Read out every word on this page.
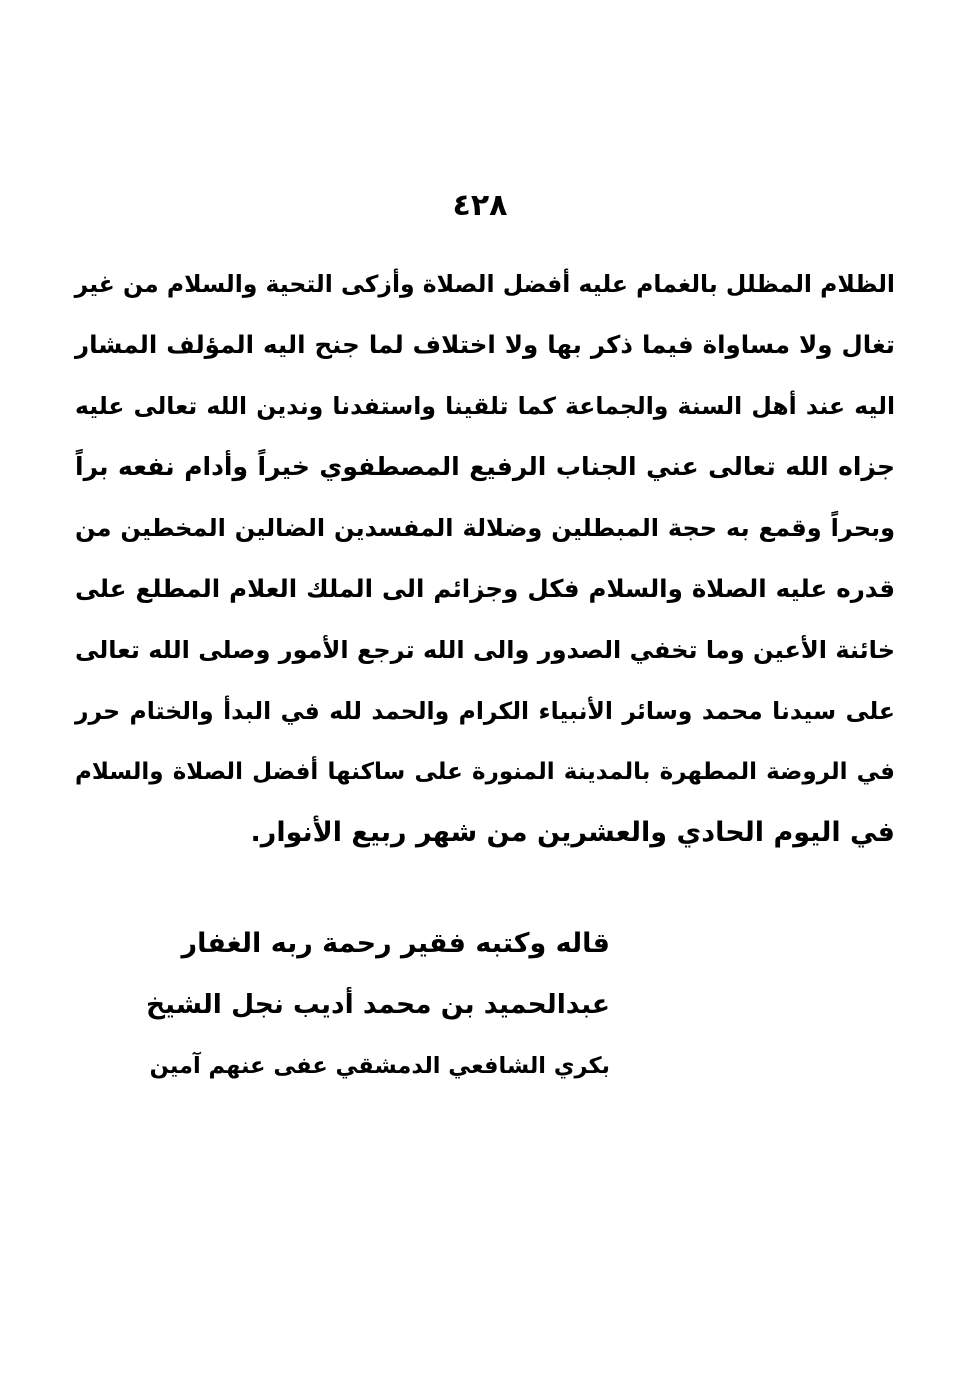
٤٢٨
الظلام المظلل بالغمام عليه أفضل الصلاة وأزكى التحية والسلام من غير
تغال ولا مساواة فيما ذكر بها ولا اختلاف لما جنح اليه المؤلف المشار
اليه عند أهل السنة والجماعة كما تلقينا واستفدنا وندين الله تعالى عليه
جزاه الله تعالى عني الجناب الرفيع المصطفوي خيراً وأدام نفعه براً
وبحراً وقمع به حجة المبطلين وضلالة المفسدين الضالين المخطين من
قدره عليه الصلاة والسلام فكل وجزائم الى الملك العلام المطلع على
خائنة الأعين وما تخفي الصدور والى الله ترجع الأمور وصلى الله تعالى
على سيدنا محمد وسائر الأنبياء الكرام والحمد لله في البدأ والختام حرر
في الروضة المطهرة بالمدينة المنورة على ساكنها أفضل الصلاة والسلام
في اليوم الحادي والعشرين من شهر ربيع الأنوار.
قاله وكتبه فقير رحمة ربه الغفار
عبدالحميد بن محمد أديب نجل الشيخ
بكري الشافعي الدمشقي عفى عنهم آمين
